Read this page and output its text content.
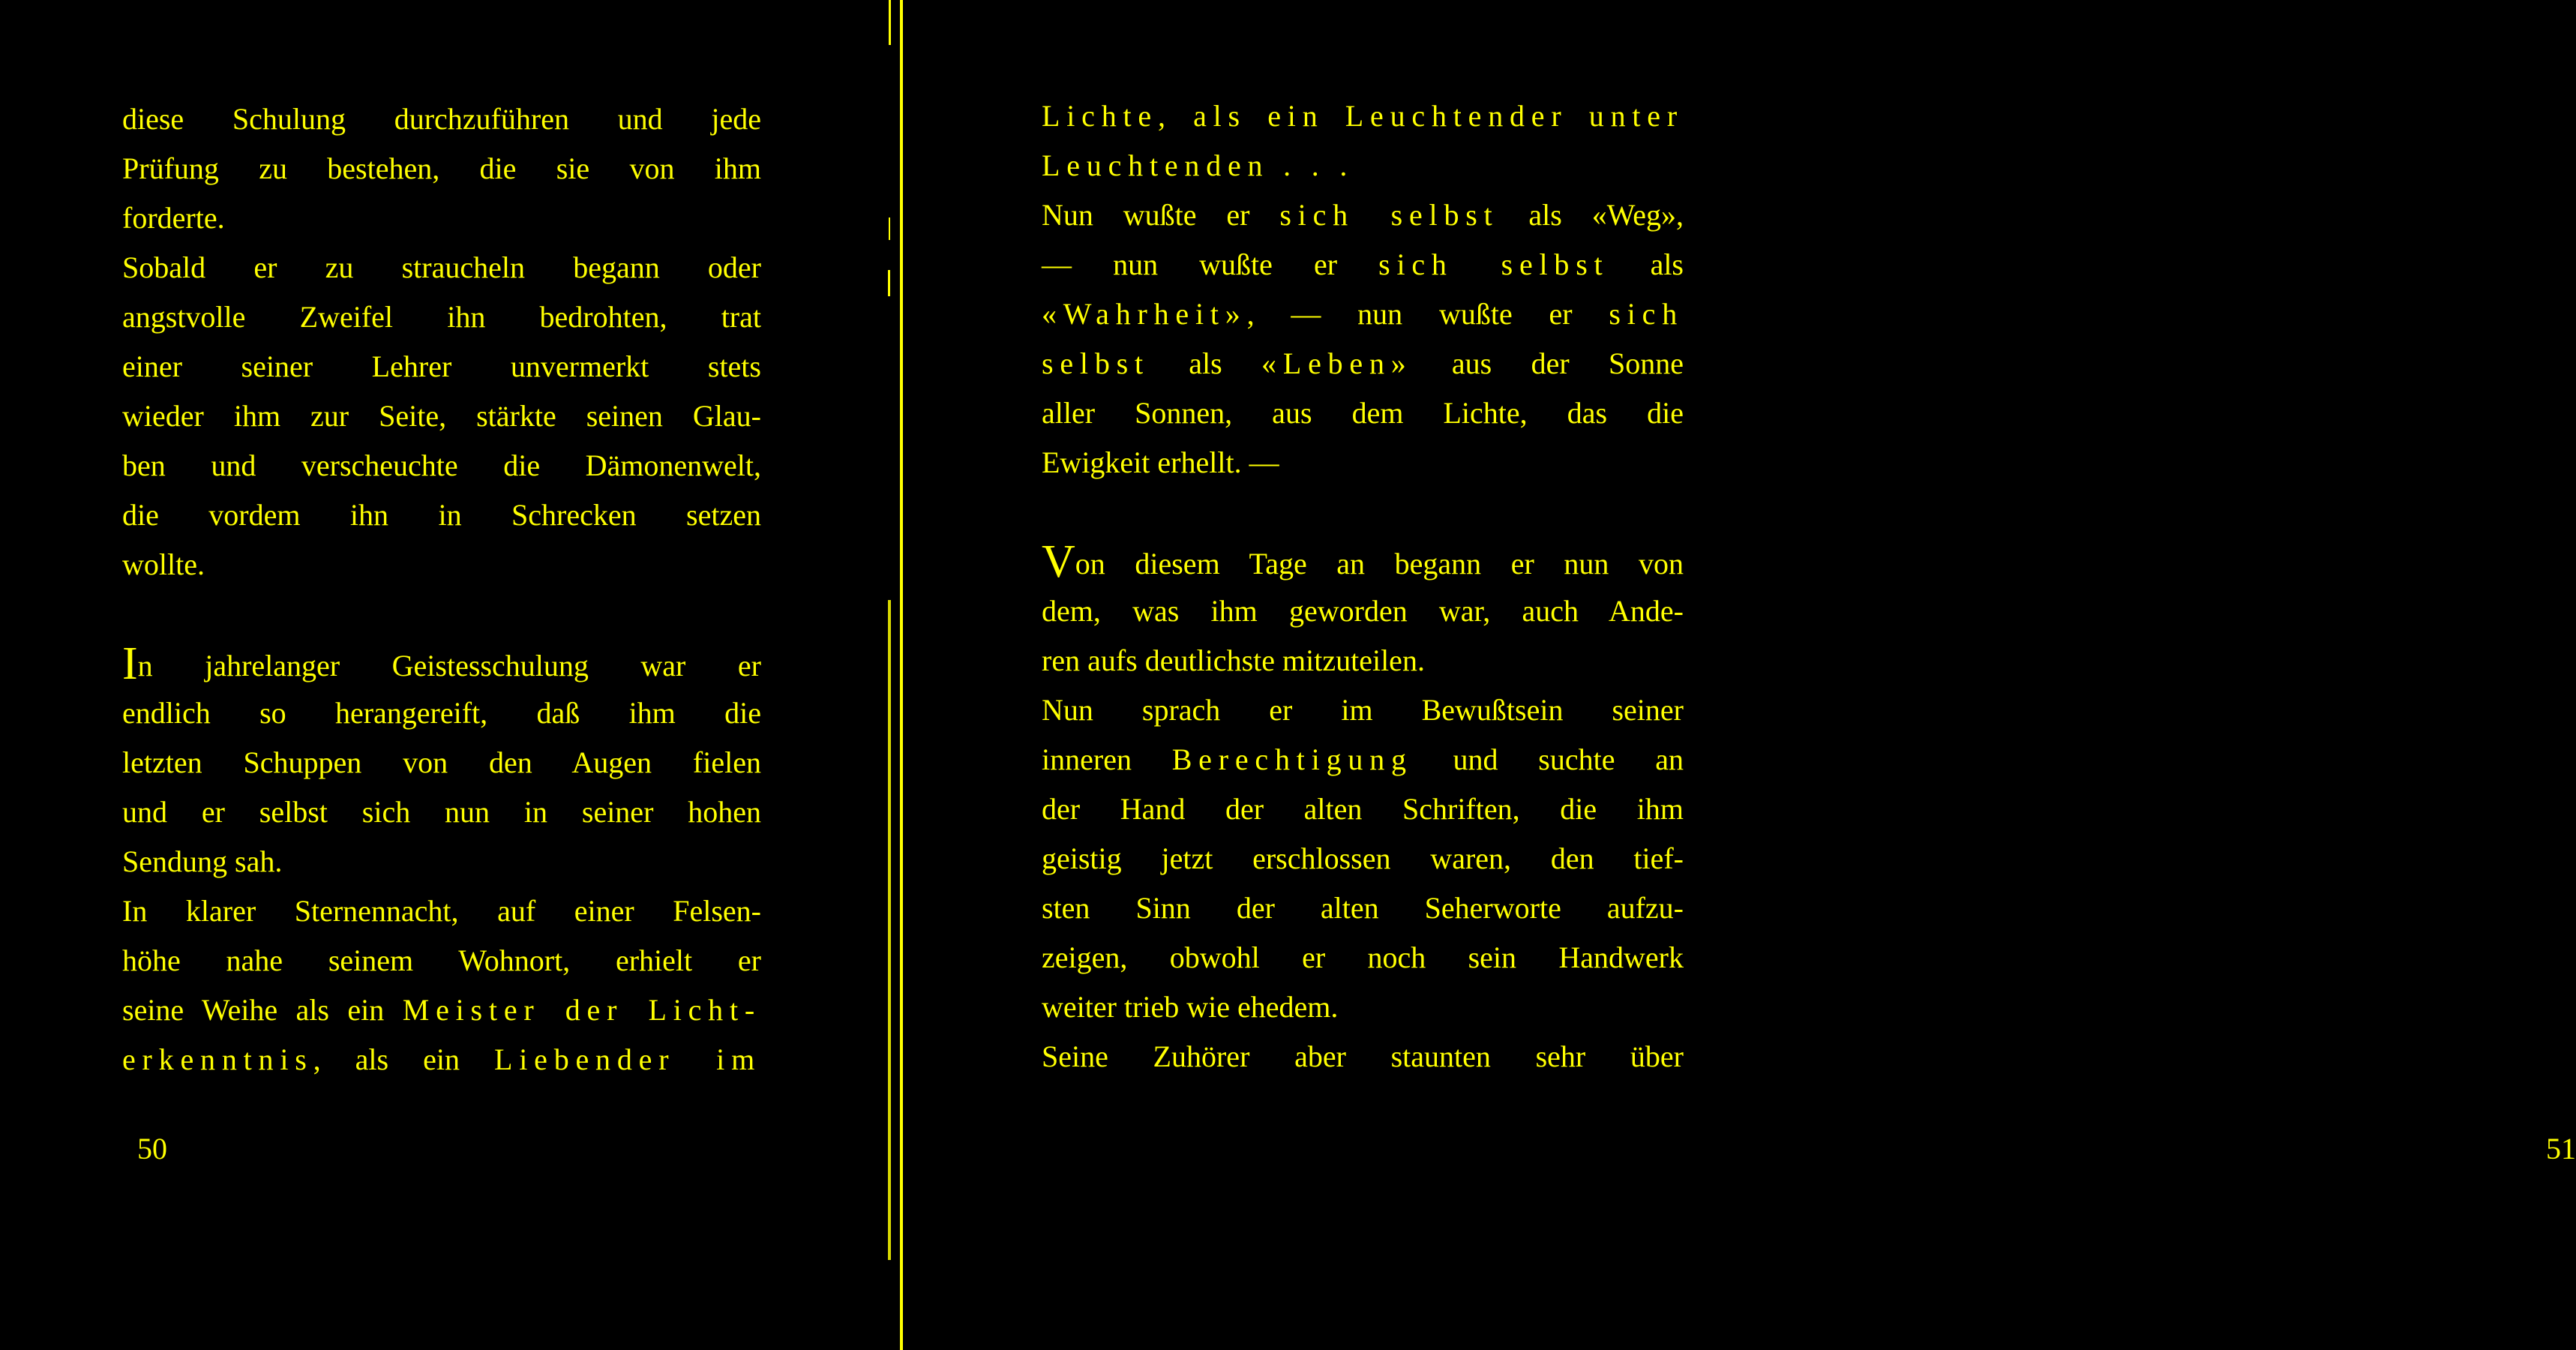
diese Schulung durchzuführen und jede
Prüfung zu bestehen, die sie von ihm
forderte.
Sobald er zu straucheln begann oder
angstvolle Zweifel ihn bedrohten, trat
einer seiner Lehrer unvermerkt stets
wieder ihm zur Seite, stärkte seinen Glau-
ben und verscheuchte die Dämonenwelt,
die vordem ihn in Schrecken setzen
wollte.
In jahrelanger Geistesschulung war er
endlich so herangereift, daß ihm die
letzten Schuppen von den Augen fielen
und er selbst sich nun in seiner hohen
Sendung sah.
In klarer Sternennacht, auf einer Felsen-
höhe nahe seinem Wohnort, erhielt er
seine Weihe als ein Meister der Licht-
erkenntnis, als ein Liebender im
50
Lichte, als ein Leuchtender unter
Leuchtenden . . .
Nun wußte er sich selbst als «Weg»,
— nun wußte er sich selbst als
«Wahrheit», — nun wußte er sich
selbst als «Leben» aus der Sonne
aller Sonnen, aus dem Lichte, das die
Ewigkeit erhellt. —
Von diesem Tage an begann er nun von
dem, was ihm geworden war, auch Ande-
ren aufs deutlichste mitzuteilen.
Nun sprach er im Bewußtsein seiner
inneren Berechtigung und suchte an
der Hand der alten Schriften, die ihm
geistig jetzt erschlossen waren, den tief-
sten Sinn der alten Seherworte aufzu-
zeigen, obwohl er noch sein Handwerk
weiter trieb wie ehedem.
Seine Zuhörer aber staunten sehr über
51
